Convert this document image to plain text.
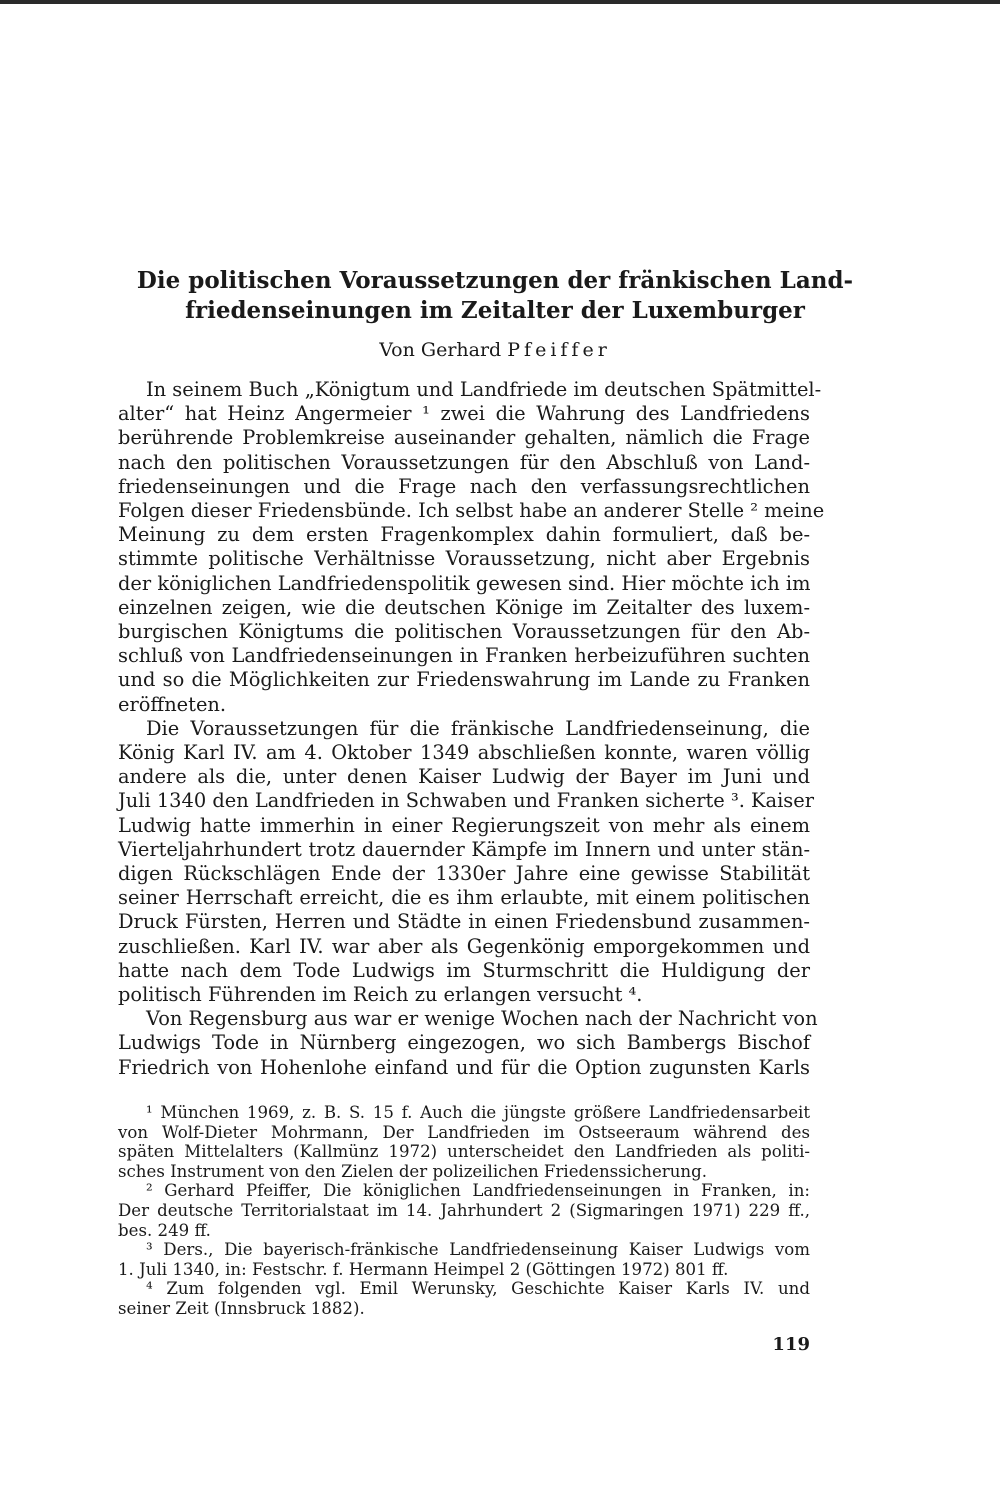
Die politischen Voraussetzungen der fränkischen Land-
friedenseinungen im Zeitalter der Luxemburger
Von Gerhard Pfeiffer
In seinem Buch „Königtum und Landfriede im deutschen Spätmittel-
alter“ hat Heinz Angermeier ¹ zwei die Wahrung des Landfriedens
berührende Problemkreise auseinander gehalten, nämlich die Frage
nach den politischen Voraussetzungen für den Abschluß von Land-
friedenseinungen und die Frage nach den verfassungsrechtlichen
Folgen dieser Friedensbünde. Ich selbst habe an anderer Stelle ² meine
Meinung zu dem ersten Fragenkomplex dahin formuliert, daß be-
stimmte politische Verhältnisse Voraussetzung, nicht aber Ergebnis
der königlichen Landfriedenspolitik gewesen sind. Hier möchte ich im
einzelnen zeigen, wie die deutschen Könige im Zeitalter des luxem-
burgischen Königtums die politischen Voraussetzungen für den Ab-
schluß von Landfriedenseinungen in Franken herbeizuführen suchten
und so die Möglichkeiten zur Friedenswahrung im Lande zu Franken
eröffneten.
Die Voraussetzungen für die fränkische Landfriedenseinung, die
König Karl IV. am 4. Oktober 1349 abschließen konnte, waren völlig
andere als die, unter denen Kaiser Ludwig der Bayer im Juni und
Juli 1340 den Landfrieden in Schwaben und Franken sicherte ³. Kaiser
Ludwig hatte immerhin in einer Regierungszeit von mehr als einem
Vierteljahrhundert trotz dauernder Kämpfe im Innern und unter stän-
digen Rückschlägen Ende der 1330er Jahre eine gewisse Stabilität
seiner Herrschaft erreicht, die es ihm erlaubte, mit einem politischen
Druck Fürsten, Herren und Städte in einen Friedensbund zusammen-
zuschließen. Karl IV. war aber als Gegenkönig emporgekommen und
hatte nach dem Tode Ludwigs im Sturmschritt die Huldigung der
politisch Führenden im Reich zu erlangen versucht ⁴.
Von Regensburg aus war er wenige Wochen nach der Nachricht von
Ludwigs Tode in Nürnberg eingezogen, wo sich Bambergs Bischof
Friedrich von Hohenlohe einfand und für die Option zugunsten Karls
¹ München 1969, z. B. S. 15 f. Auch die jüngste größere Landfriedensarbeit
von Wolf-Dieter Mohrmann, Der Landfrieden im Ostseeraum während des
späten Mittelalters (Kallmünz 1972) unterscheidet den Landfrieden als politi-
sches Instrument von den Zielen der polizeilichen Friedenssicherung.
² Gerhard Pfeiffer, Die königlichen Landfriedenseinungen in Franken, in:
Der deutsche Territorialstaat im 14. Jahrhundert 2 (Sigmaringen 1971) 229 ff.,
bes. 249 ff.
³ Ders., Die bayerisch-fränkische Landfriedenseinung Kaiser Ludwigs vom
1. Juli 1340, in: Festschr. f. Hermann Heimpel 2 (Göttingen 1972) 801 ff.
⁴ Zum folgenden vgl. Emil Werunsky, Geschichte Kaiser Karls IV. und
seiner Zeit (Innsbruck 1882).
119
